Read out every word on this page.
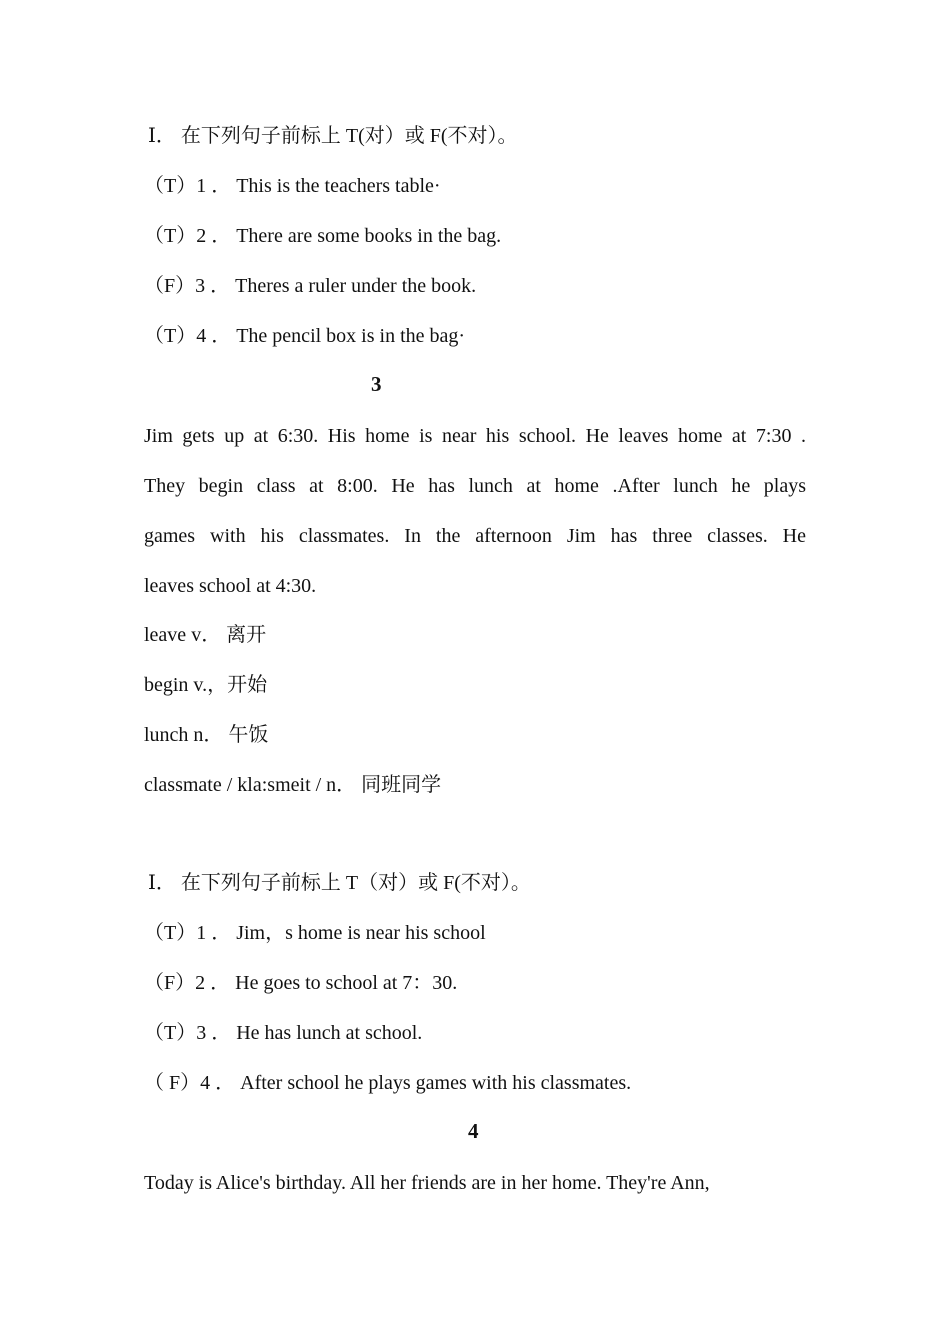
Ⅰ． 在下列句子前标上 T(对）或 F(不对）。
（T）1 ． This is the teachers table·
（T）2 ． There are some books in the bag.
（F）3 ． Theres a ruler under the book.
（T）4 ． The pencil box is in the bag·
3
Jim gets up at 6:30. His home is near his school. He leaves home at 7:30 .
They begin class at 8:00. He has lunch at home .After lunch he plays
games with his classmates. In the afternoon Jim has three classes. He
leaves school at 4:30.
leave v． 离开
begin v.，开始
lunch n． 午饭
classmate / kla:smeit / n． 同班同学
Ⅰ． 在下列句子前标上 T（对）或 F(不对）。
（T）1 ． Jim，s home is near his school
（F）2 ． He goes to school at 7：30.
（T）3 ． He has lunch at school.
（ F）4 ． After school he plays games with his classmates.
4
Today is Alice's birthday. All her friends are in her home. They're Ann,
